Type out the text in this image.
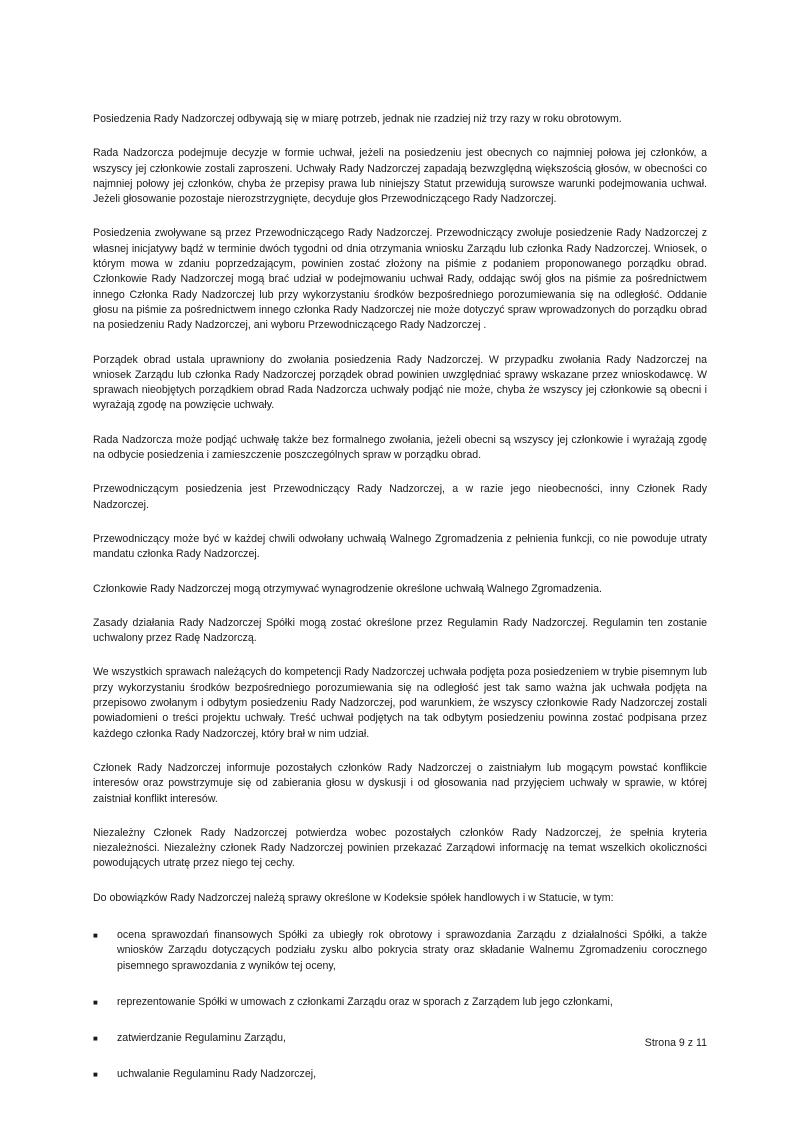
Posiedzenia Rady Nadzorczej odbywają się w miarę potrzeb, jednak nie rzadziej niż trzy razy w roku obrotowym.

Rada Nadzorcza podejmuje decyzje w formie uchwał, jeżeli na posiedzeniu jest obecnych co najmniej połowa jej członków, a wszyscy jej członkowie zostali zaproszeni. Uchwały Rady Nadzorczej zapadają bezwzględną większością głosów, w obecności co najmniej połowy jej członków, chyba że przepisy prawa lub niniejszy Statut przewidują surowsze warunki podejmowania uchwał. Jeżeli głosowanie pozostaje nierozstrzygnięte, decyduje głos Przewodniczącego Rady Nadzorczej.

Posiedzenia zwoływane są przez Przewodniczącego Rady Nadzorczej. Przewodniczący zwołuje posiedzenie Rady Nadzorczej z własnej inicjatywy bądź w terminie dwóch tygodni od dnia otrzymania wniosku Zarządu lub członka Rady Nadzorczej. Wniosek, o którym mowa w zdaniu poprzedzającym, powinien zostać złożony na piśmie z podaniem proponowanego porządku obrad. Członkowie Rady Nadzorczej mogą brać udział w podejmowaniu uchwał Rady, oddając swój głos na piśmie za pośrednictwem innego Członka Rady Nadzorczej lub przy wykorzystaniu środków bezpośredniego porozumiewania się na odległość. Oddanie głosu na piśmie za pośrednictwem innego członka Rady Nadzorczej nie może dotyczyć spraw wprowadzonych do porządku obrad na posiedzeniu Rady Nadzorczej, ani wyboru Przewodniczącego Rady Nadzorczej .

Porządek obrad ustala uprawniony do zwołania posiedzenia Rady Nadzorczej. W przypadku zwołania Rady Nadzorczej na wniosek Zarządu lub członka Rady Nadzorczej porządek obrad powinien uwzględniać sprawy wskazane przez wnioskodawcę. W sprawach nieobjętych porządkiem obrad Rada Nadzorcza uchwały podjąć nie może, chyba że wszyscy jej członkowie są obecni i wyrażają zgodę na powzięcie uchwały.

Rada Nadzorcza może podjąć uchwałę także bez formalnego zwołania, jeżeli obecni są wszyscy jej członkowie i wyrażają zgodę na odbycie posiedzenia i zamieszczenie poszczególnych spraw w porządku obrad.

Przewodniczącym posiedzenia jest Przewodniczący Rady Nadzorczej, a w razie jego nieobecności, inny Członek Rady Nadzorczej.

Przewodniczący może być w każdej chwili odwołany uchwałą Walnego Zgromadzenia z pełnienia funkcji, co nie powoduje utraty mandatu członka Rady Nadzorczej.

Członkowie Rady Nadzorczej mogą otrzymywać wynagrodzenie określone uchwałą Walnego Zgromadzenia.

Zasady działania Rady Nadzorczej Spółki mogą zostać określone przez Regulamin Rady Nadzorczej. Regulamin ten zostanie uchwalony przez Radę Nadzorczą.

We wszystkich sprawach należących do kompetencji Rady Nadzorczej uchwała podjęta poza posiedzeniem w trybie pisemnym lub przy wykorzystaniu środków bezpośredniego porozumiewania się na odległość jest tak samo ważna jak uchwała podjęta na przepisowo zwołanym i odbytym posiedzeniu Rady Nadzorczej, pod warunkiem, że wszyscy członkowie Rady Nadzorczej zostali powiadomieni o treści projektu uchwały. Treść uchwał podjętych na tak odbytym posiedzeniu powinna zostać podpisana przez każdego członka Rady Nadzorczej, który brał w nim udział.

Członek Rady Nadzorczej informuje pozostałych członków Rady Nadzorczej o zaistniałym lub mogącym powstać konflikcie interesów oraz powstrzymuje się od zabierania głosu w dyskusji i od głosowania nad przyjęciem uchwały w sprawie, w której zaistniał konflikt interesów.

Niezależny Członek Rady Nadzorczej potwierdza wobec pozostałych członków Rady Nadzorczej, że spełnia kryteria niezależności. Niezależny członek Rady Nadzorczej powinien przekazać Zarządowi informację na temat wszelkich okoliczności powodujących utratę przez niego tej cechy.

Do obowiązków Rady Nadzorczej należą sprawy określone w Kodeksie spółek handlowych i w Statucie, w tym:

■ ocena sprawozdań finansowych Spółki za ubiegły rok obrotowy i sprawozdania Zarządu z działalności Spółki, a także wniosków Zarządu dotyczących podziału zysku albo pokrycia straty oraz składanie Walnemu Zgromadzeniu corocznego pisemnego sprawozdania z wyników tej oceny,
■ reprezentowanie Spółki w umowach z członkami Zarządu oraz w sporach z Zarządem lub jego członkami,
■ zatwierdzanie Regulaminu Zarządu,
■ uchwalanie Regulaminu Rady Nadzorczej,
Strona 9 z 11
